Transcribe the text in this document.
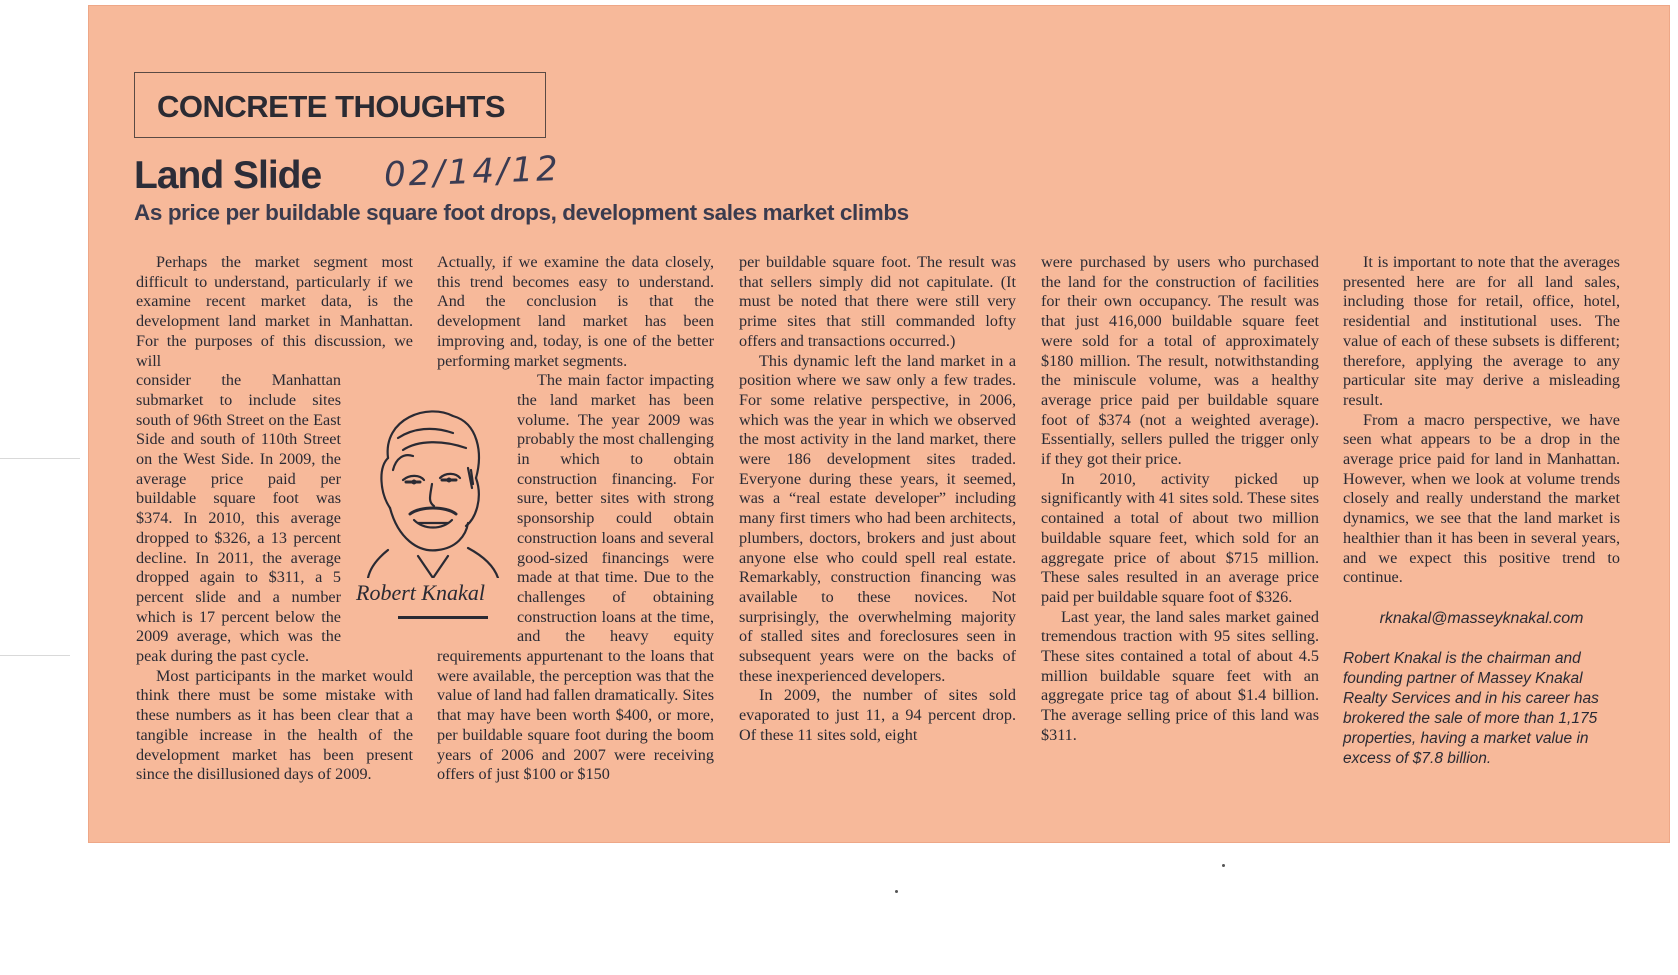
CONCRETE THOUGHTS
Land Slide 02/14/12
As price per buildable square foot drops, development sales market climbs

Perhaps the market segment most difficult to understand, particularly if we examine recent market data, is the development land market in Manhattan. For the purposes of this discussion, we will

consider the Manhattan submarket to include sites south of 96th Street on the East Side and south of 110th Street on the West Side. In 2009, the average price paid per buildable square foot was $374. In 2010, this average dropped to $326, a 13 percent decline. In 2011, the average dropped again to $311, a 5 percent slide and a number which is 17 percent below the 2009 average, which was the peak during the past cycle.

Most participants in the market would think there must be some mistake with these numbers as it has been clear that a tangible increase in the health of the development market has been present since the disillusioned days of 2009.

Actually, if we examine the data closely, this trend becomes easy to understand. And the conclusion is that the development land market has been improving and, today, is one of the better performing market segments.

The main factor impacting the land market has been volume. The year 2009 was probably the most challenging in which to obtain construction financing. For sure, better sites with strong sponsorship could obtain construction loans and several good-sized financings were made at that time. Due to the challenges of obtaining construction loans at the time, and the heavy equity requirements appurtenant to the loans that were available, the perception was that the value of land had fallen dramatically. Sites that may have been worth $400, or more, per buildable square foot during the boom years of 2006 and 2007 were receiving offers of just $100 or $150

Robert Knakal

per buildable square foot. The result was that sellers simply did not capitulate. (It must be noted that there were still very prime sites that still commanded lofty offers and transactions occurred.)

This dynamic left the land market in a position where we saw only a few trades. For some relative perspective, in 2006, which was the year in which we observed the most activity in the land market, there were 186 development sites traded. Everyone during these years, it seemed, was a “real estate developer” including many first timers who had been architects, plumbers, doctors, brokers and just about anyone else who could spell real estate. Remarkably, construction financing was available to these novices. Not surprisingly, the overwhelming majority of stalled sites and foreclosures seen in subsequent years were on the backs of these inexperienced developers.

In 2009, the number of sites sold evaporated to just 11, a 94 percent drop. Of these 11 sites sold, eight

were purchased by users who purchased the land for the construction of facilities for their own occupancy. The result was that just 416,000 buildable square feet were sold for a total of approximately $180 million. The result, notwithstanding the miniscule volume, was a healthy average price paid per buildable square foot of $374 (not a weighted average). Essentially, sellers pulled the trigger only if they got their price.

In 2010, activity picked up significantly with 41 sites sold. These sites contained a total of about two million buildable square feet, which sold for an aggregate price of about $715 million. These sales resulted in an average price paid per buildable square foot of $326.

Last year, the land sales market gained tremendous traction with 95 sites selling. These sites contained a total of about 4.5 million buildable square feet with an aggregate price tag of about $1.4 billion. The average selling price of this land was $311.

It is important to note that the averages presented here are for all land sales, including those for retail, office, hotel, residential and institutional uses. The value of each of these subsets is different; therefore, applying the average to any particular site may derive a misleading result.

From a macro perspective, we have seen what appears to be a drop in the average price paid for land in Manhattan. However, when we look at volume trends closely and really understand the market dynamics, we see that the land market is healthier than it has been in several years, and we expect this positive trend to continue.

rknakal@masseyknakal.com
Robert Knakal is the chairman and founding partner of Massey Knakal Realty Services and in his career has brokered the sale of more than 1,175 properties, having a market value in excess of $7.8 billion.
